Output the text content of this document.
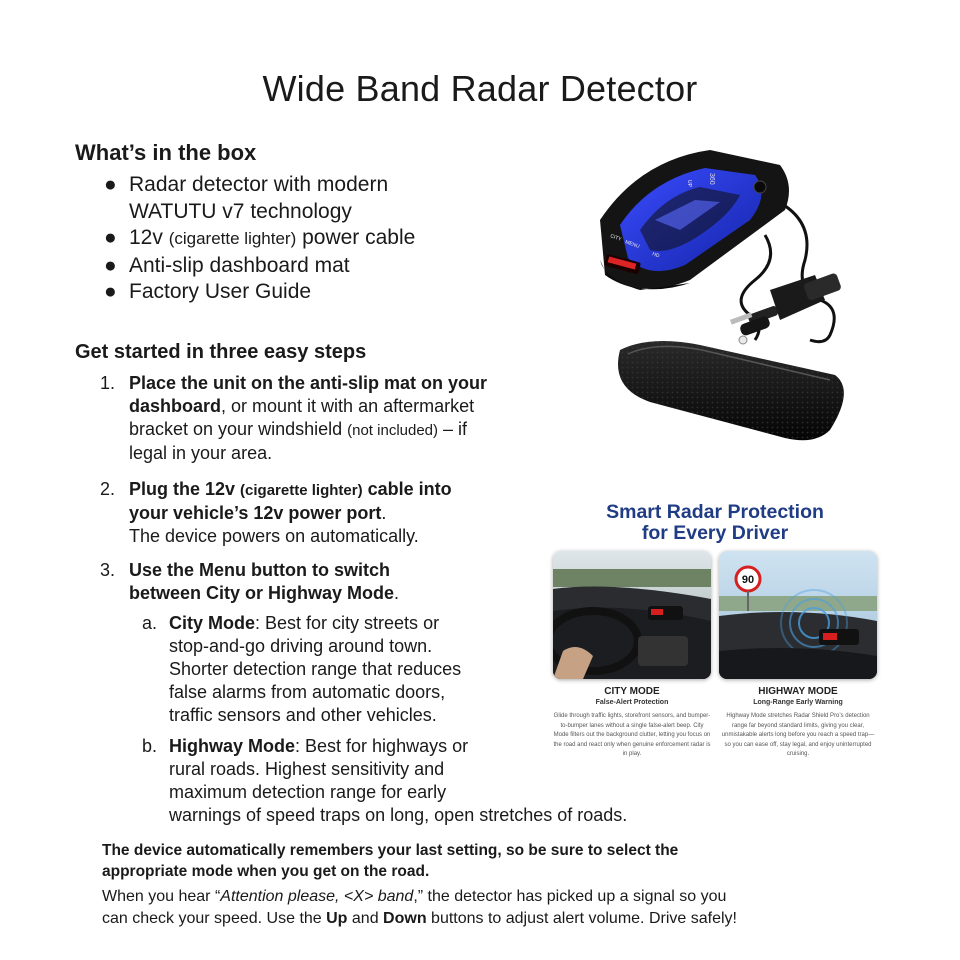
Wide Band Radar Detector
What’s in the box
● Radar detector with modern
WATUTU v7 technology
● 12v (cigarette lighter) power cable
● Anti-slip dashboard mat
● Factory User Guide
Get started in three easy steps
1. Place the unit on the anti-slip mat on your
dashboard, or mount it with an aftermarket
bracket on your windshield (not included) – if
legal in your area.
2. Plug the 12v (cigarette lighter) cable into
your vehicle’s 12v power port.
The device powers on automatically.
3. Use the Menu button to switch
between City or Highway Mode.
a. City Mode: Best for city streets or
stop-and-go driving around town.
Shorter detection range that reduces
false alarms from automatic doors,
traffic sensors and other vehicles.
b. Highway Mode: Best for highways or
rural roads. Highest sensitivity and
maximum detection range for early
warnings of speed traps on long, open stretches of roads.
The device automatically remembers your last setting, so be sure to select the
appropriate mode when you get on the road.
When you hear “Attention please, <X> band,” the detector has picked up a signal so you
can check your speed. Use the Up and Down buttons to adjust alert volume. Drive safely!
360
CITY
MENU
HD
UP
Smart Radar Protection
for Every Driver
CITY MODE
False-Alert Protection
Glide through traffic lights, storefront sensors, and bumper-to-bumper lanes without a single false-alert beep. City Mode filters out the background clutter, letting you focus on the road and react only when genuine enforcement radar is in play.
90
HIGHWAY MODE
Long-Range Early Warning
Highway Mode stretches Radar Shield Pro’s detection range far beyond standard limits, giving you clear, unmistakable alerts long before you reach a speed trap—so you can ease off, stay legal, and enjoy uninterrupted cruising.
